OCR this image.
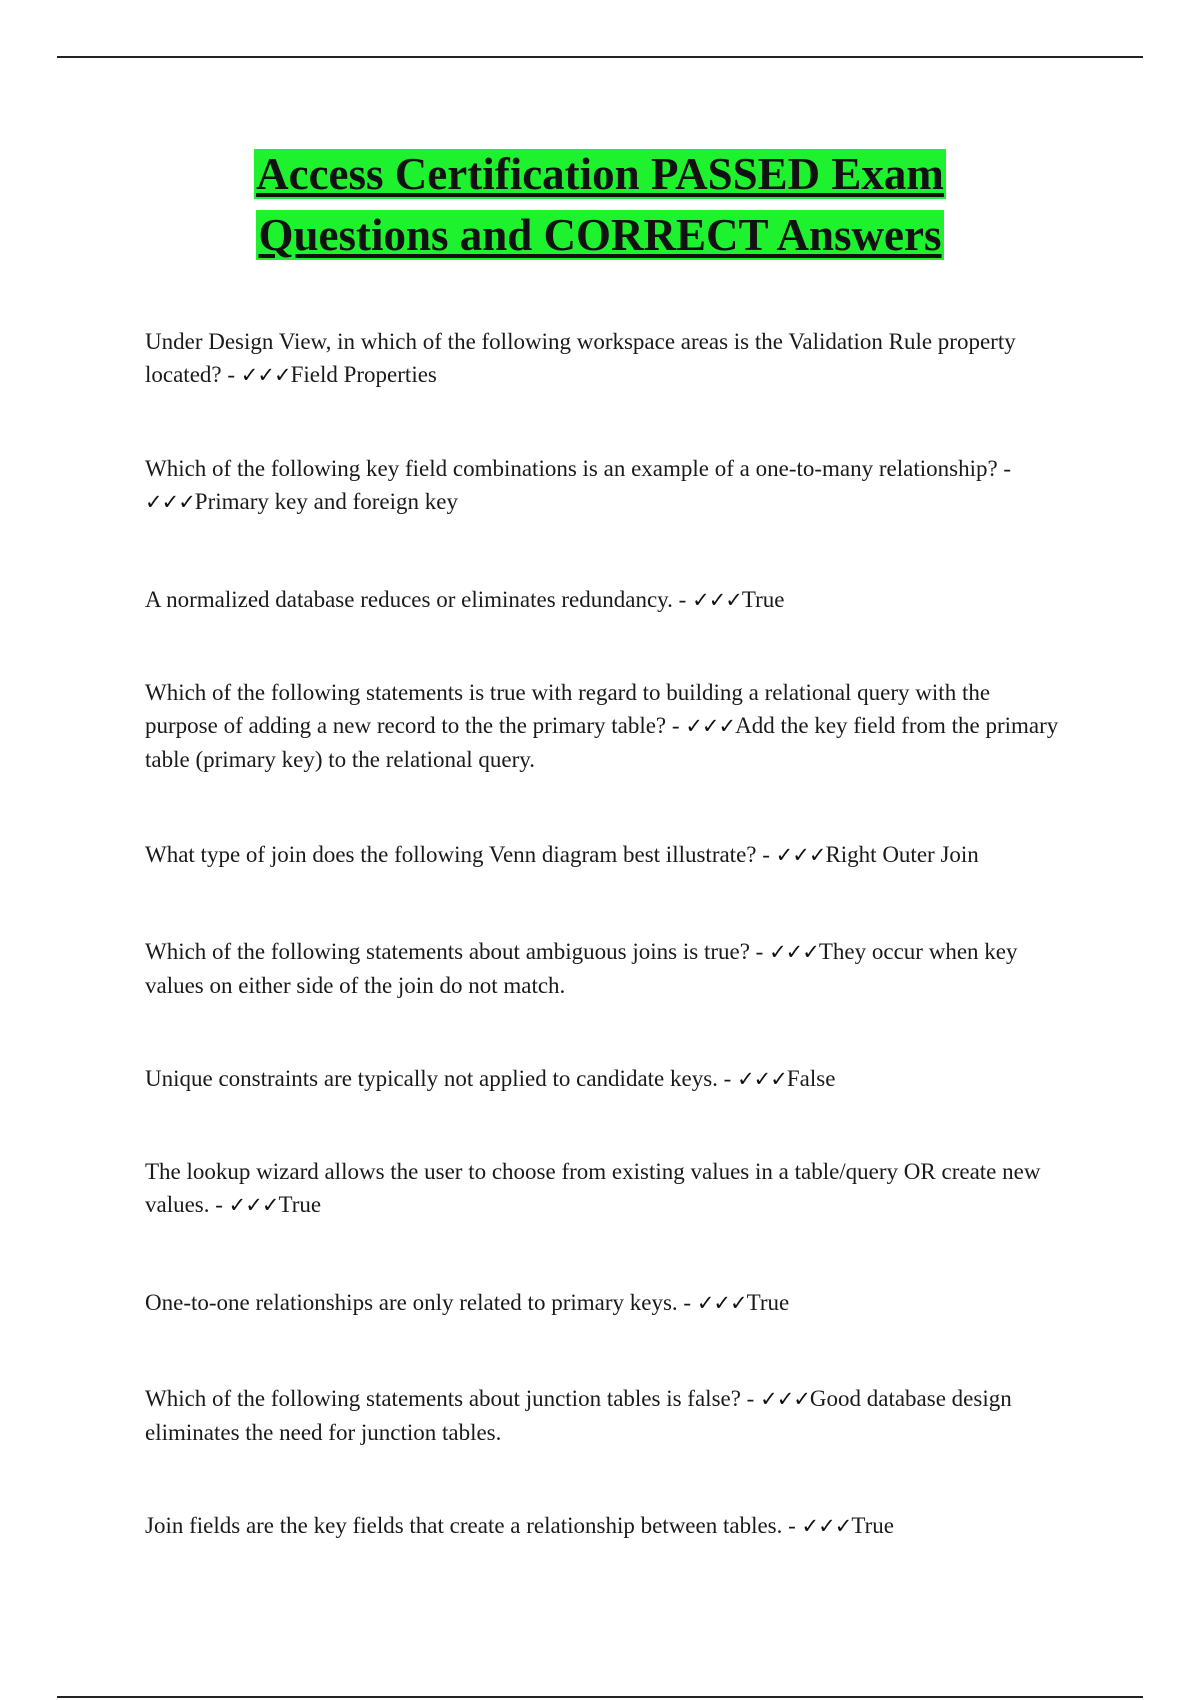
Access Certification PASSED Exam

Questions and CORRECT Answers

Under Design View, in which of the following workspace areas is the Validation Rule property located? - ✓✓✓Field Properties

Which of the following key field combinations is an example of a one-to-many relationship? - ✓✓✓Primary key and foreign key

A normalized database reduces or eliminates redundancy. - ✓✓✓True

Which of the following statements is true with regard to building a relational query with the purpose of adding a new record to the the primary table? - ✓✓✓Add the key field from the primary table (primary key) to the relational query.

What type of join does the following Venn diagram best illustrate? - ✓✓✓Right Outer Join

Which of the following statements about ambiguous joins is true? - ✓✓✓They occur when key values on either side of the join do not match.

Unique constraints are typically not applied to candidate keys. - ✓✓✓False

The lookup wizard allows the user to choose from existing values in a table/query OR create new values. - ✓✓✓True

One-to-one relationships are only related to primary keys. - ✓✓✓True

Which of the following statements about junction tables is false? - ✓✓✓Good database design eliminates the need for junction tables.

Join fields are the key fields that create a relationship between tables. - ✓✓✓True
